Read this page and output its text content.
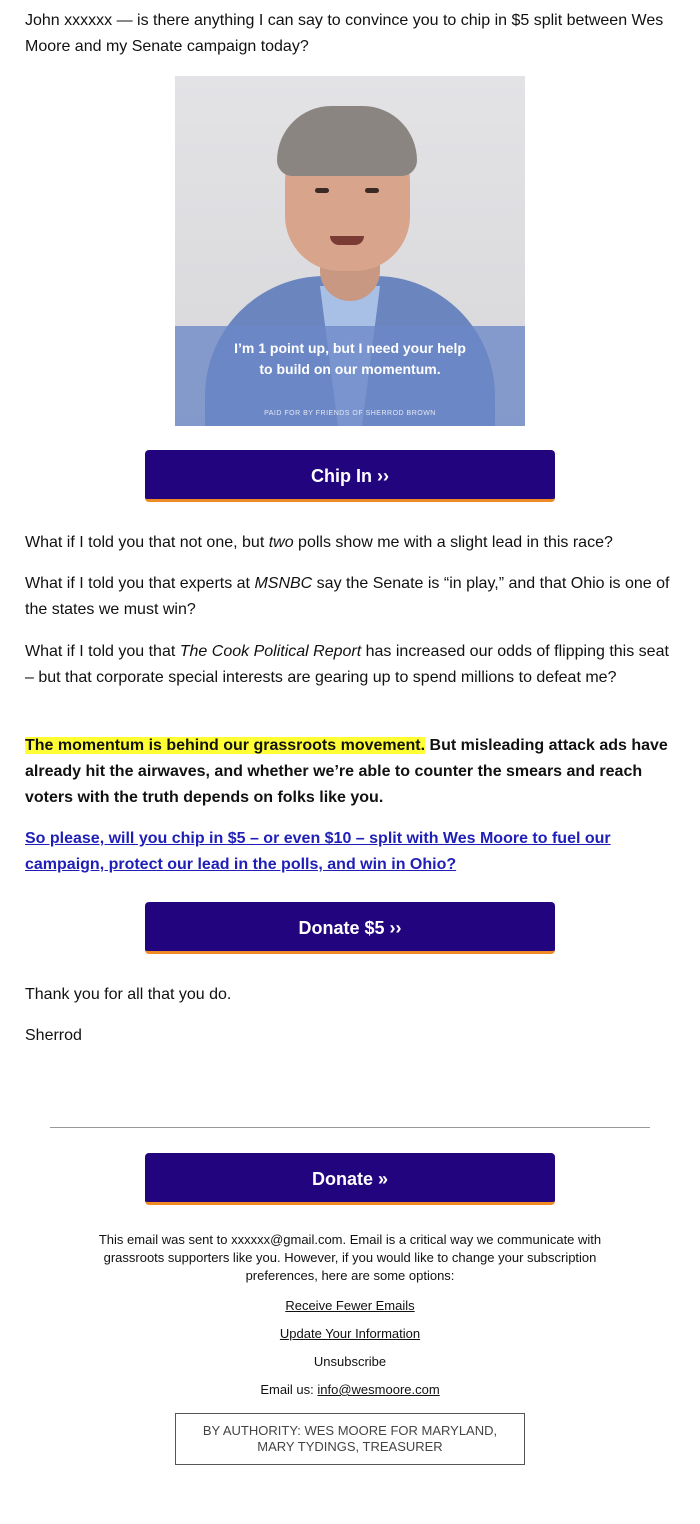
John xxxxxx — is there anything I can say to convince you to chip in $5 split between Wes Moore and my Senate campaign today?

I’m 1 point up, but I need your help
to build on our momentum.
PAID FOR BY FRIENDS OF SHERROD BROWN
Chip In ››

What if I told you that not one, but two polls show me with a slight lead in this race?

What if I told you that experts at MSNBC say the Senate is “in play,” and that Ohio is one of the states we must win?

What if I told you that The Cook Political Report has increased our odds of flipping this seat – but that corporate special interests are gearing up to spend millions to defeat me?

The momentum is behind our grassroots movement. But misleading attack ads have already hit the airwaves, and whether we’re able to counter the smears and reach voters with the truth depends on folks like you.

So please, will you chip in $5 – or even $10 – split with Wes Moore to fuel our campaign, protect our lead in the polls, and win in Ohio?

Donate $5 ››

Thank you for all that you do.

Sherrod

Donate »
This email was sent to xxxxxx@gmail.com. Email is a critical way we communicate with grassroots supporters like you. However, if you would like to change your subscription preferences, here are some options:
Receive Fewer Emails
Update Your Information
Unsubscribe
Email us: info@wesmoore.com
BY AUTHORITY: WES MOORE FOR MARYLAND,
MARY TYDINGS, TREASURER
